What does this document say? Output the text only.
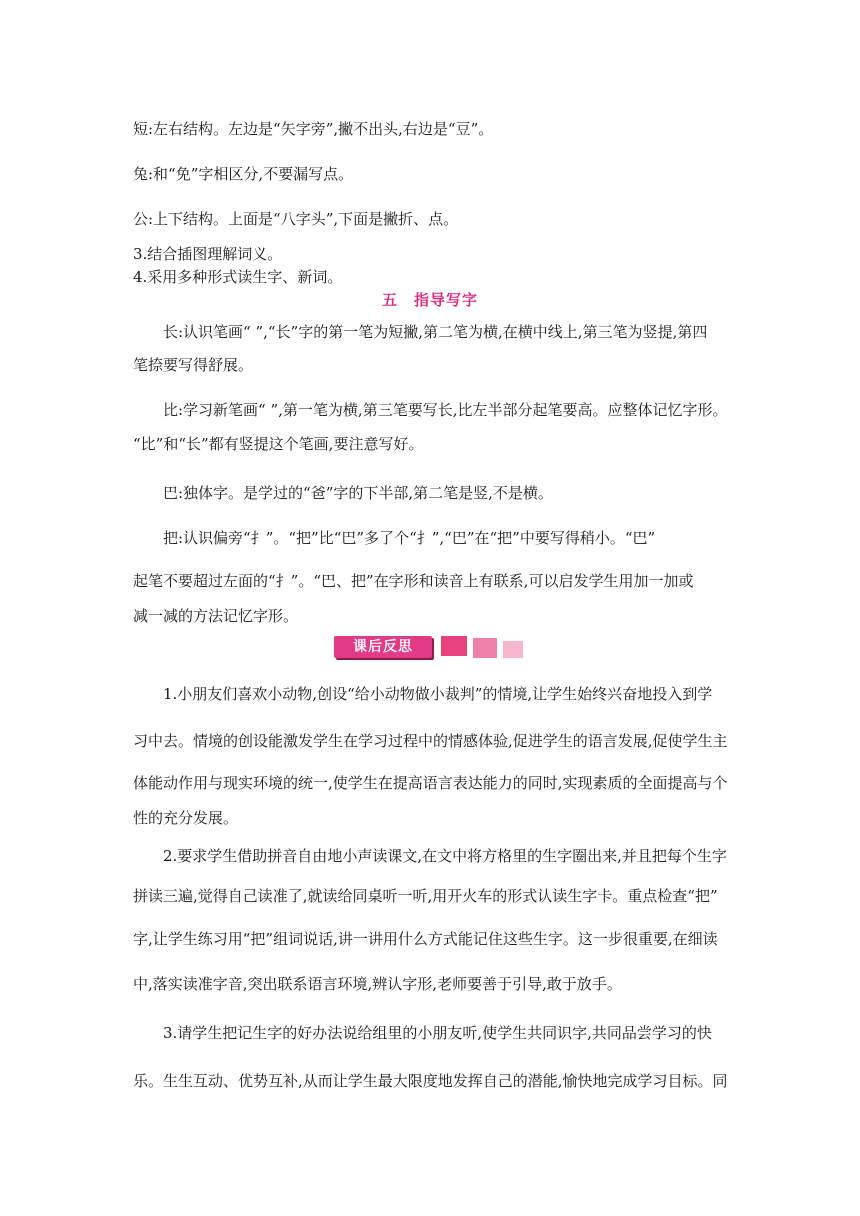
短:左右结构。左边是“矢字旁”,撇不出头,右边是“豆”。

兔:和“免”字相区分,不要漏写点。

公:上下结构。上面是“八字头”,下面是撇折、点。

3.结合插图理解词义。

4.采用多种形式读生字、新词。

五　指导写字

长:认识笔画“ ”,“长”字的第一笔为短撇,第二笔为横,在横中线上,第三笔为竖提,第四

笔捺要写得舒展。

比:学习新笔画“ ”,第一笔为横,第三笔要写长,比左半部分起笔要高。应整体记忆字形。

“比”和“长”都有竖提这个笔画,要注意写好。

巴:独体字。是学过的“爸”字的下半部,第二笔是竖,不是横。

把:认识偏旁“扌”。“把”比“巴”多了个“扌”,“巴”在“把”中要写得稍小。“巴”

起笔不要超过左面的“扌”。“巴、把”在字形和读音上有联系,可以启发学生用加一加或

减一减的方法记忆字形。

课后反思

1.小朋友们喜欢小动物,创设“给小动物做小裁判”的情境,让学生始终兴奋地投入到学

习中去。情境的创设能激发学生在学习过程中的情感体验,促进学生的语言发展,促使学生主

体能动作用与现实环境的统一,使学生在提高语言表达能力的同时,实现素质的全面提高与个

性的充分发展。

2.要求学生借助拼音自由地小声读课文,在文中将方格里的生字圈出来,并且把每个生字

拼读三遍,觉得自己读准了,就读给同桌听一听,用开火车的形式认读生字卡。重点检查“把”

字,让学生练习用“把”组词说话,讲一讲用什么方式能记住这些生字。这一步很重要,在细读

中,落实读准字音,突出联系语言环境,辨认字形,老师要善于引导,敢于放手。

3.请学生把记生字的好办法说给组里的小朋友听,使学生共同识字,共同品尝学习的快

乐。生生互动、优势互补,从而让学生最大限度地发挥自己的潜能,愉快地完成学习目标。同
